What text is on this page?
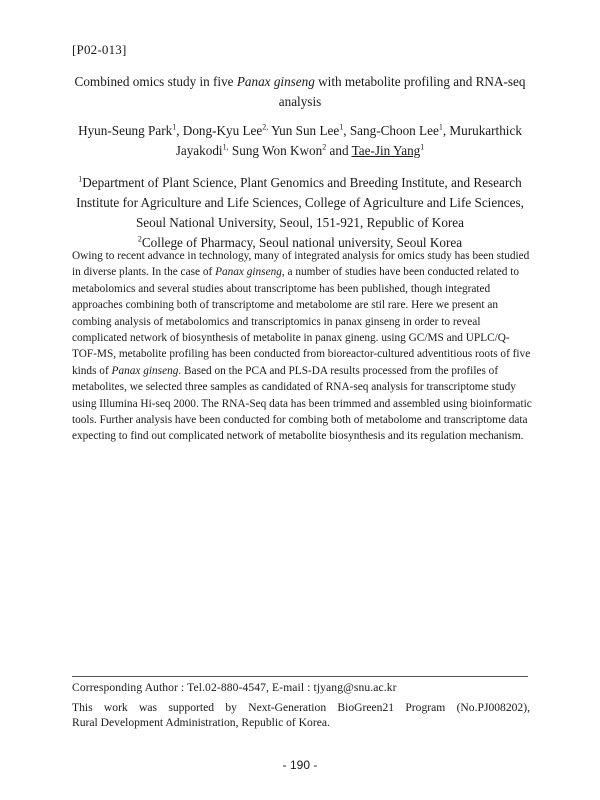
[P02-013]
Combined omics study in five Panax ginseng with metabolite profiling and RNA-seq analysis
Hyun-Seung Park$^1$, Dong-Kyu Lee$^{2,}$ Yun Sun Lee$^1$, Sang-Choon Lee$^1$, Murukarthick Jayakodi$^{1,}$ Sung Won Kwon$^2$ and Tae-Jin Yang$^1$
$^1$Department of Plant Science, Plant Genomics and Breeding Institute, and Research
Institute for Agriculture and Life Sciences, College of Agriculture and Life Sciences,
Seoul National University, Seoul, 151-921, Republic of Korea
$^2$College of Pharmacy, Seoul national university, Seoul Korea
Owing to recent advance in technology, many of integrated analysis for omics study has been studied in diverse plants. In the case of Panax ginseng, a number of studies have been conducted related to metabolomics and several studies about transcriptome has been published, though integrated approaches combining both of transcriptome and metabolome are stil rare. Here we present an combing analysis of metabolomics and transcriptomics in panax ginseng in order to reveal complicated network of biosynthesis of metabolite in panax gineng. using GC/MS and UPLC/Q-TOF-MS, metabolite profiling has been conducted from bioreactor-cultured adventitious roots of five kinds of Panax ginseng. Based on the PCA and PLS-DA results processed from the profiles of metabolites, we selected three samples as candidated of RNA-seq analysis for transcriptome study using Illumina Hi-seq 2000. The RNA-Seq data has been trimmed and assembled using bioinformatic tools. Further analysis have been conducted for combing both of metabolome and transcriptome data expecting to find out complicated network of metabolite biosynthesis and its regulation mechanism.
Corresponding Author : Tel.02-880-4547, E-mail : tjyang@snu.ac.kr
This work was supported by Next-Generation BioGreen21 Program (No.PJ008202),
Rural Development Administration, Republic of Korea.
- 190 -
